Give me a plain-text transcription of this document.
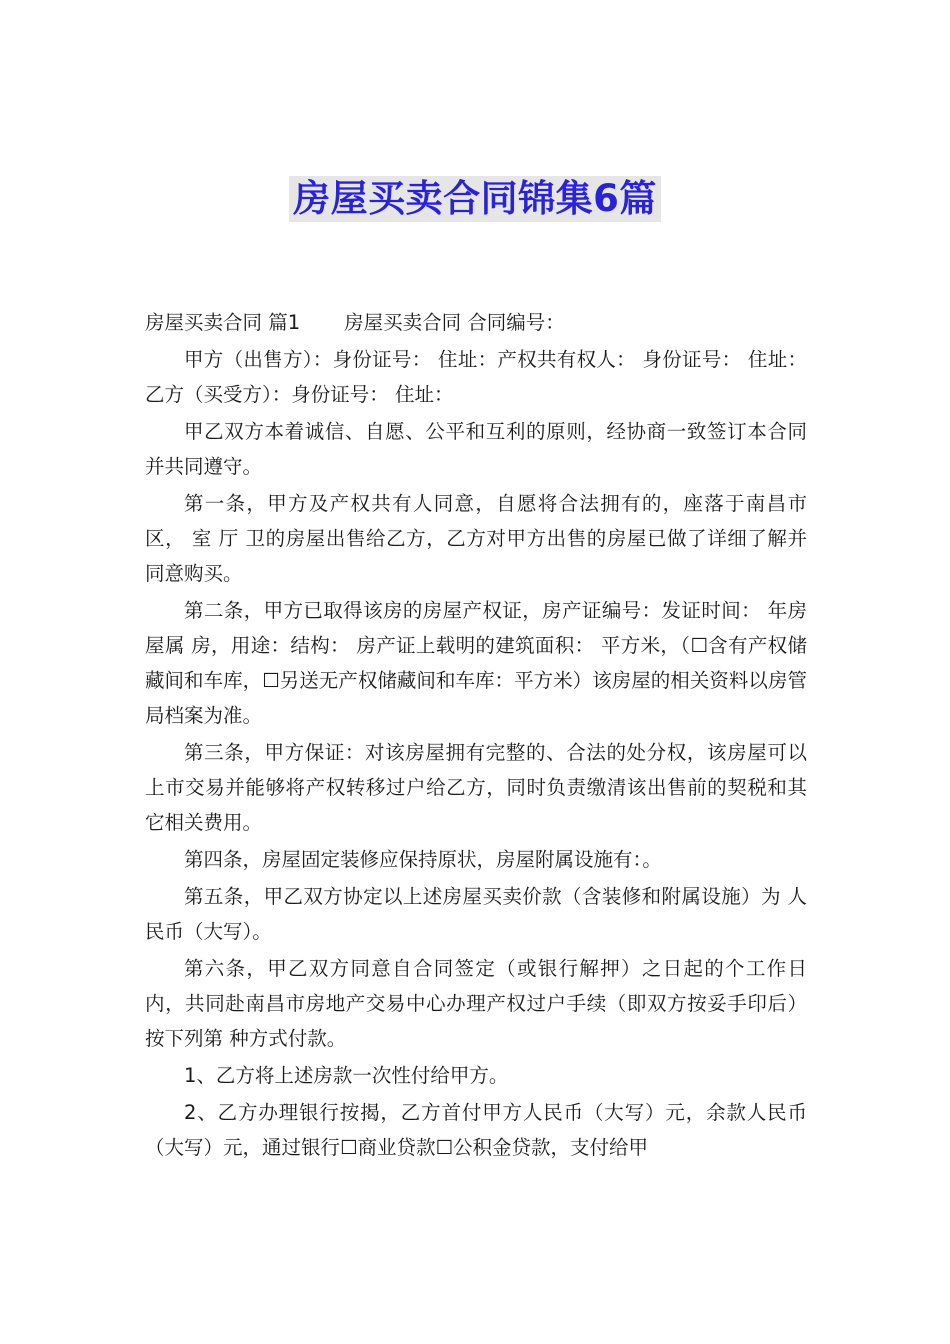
房屋买卖合同锦集6篇

房屋买卖合同 篇1 房屋买卖合同 合同编号：

甲方（出售方）：身份证号： 住址：产权共有权人： 身份证号： 住址：乙方（买受方）：身份证号： 住址：

甲乙双方本着诚信、自愿、公平和互利的原则，经协商一致签订本合同并共同遵守。

第一条，甲方及产权共有人同意，自愿将合法拥有的，座落于南昌市 区， 室 厅 卫的房屋出售给乙方，乙方对甲方出售的房屋已做了详细了解并同意购买。

第二条，甲方已取得该房的房屋产权证，房产证编号：发证时间： 年房屋属 房，用途：结构： 房产证上载明的建筑面积： 平方米，（☐含有产权储藏间和车库，☐另送无产权储藏间和车库：平方米）该房屋的相关资料以房管局档案为准。

第三条，甲方保证：对该房屋拥有完整的、合法的处分权，该房屋可以上市交易并能够将产权转移过户给乙方，同时负责缴清该出售前的契税和其它相关费用。

第四条，房屋固定装修应保持原状，房屋附属设施有：。

第五条，甲乙双方协定以上述房屋买卖价款（含装修和附属设施）为 人民币（大写）。

第六条，甲乙双方同意自合同签定（或银行解押）之日起的个工作日内，共同赴南昌市房地产交易中心办理产权过户手续（即双方按妥手印后）按下列第 种方式付款。

1、乙方将上述房款一次性付给甲方。

2、乙方办理银行按揭，乙方首付甲方人民币（大写）元，余款人民币（大写）元，通过银行☐商业贷款☐公积金贷款，支付给甲
